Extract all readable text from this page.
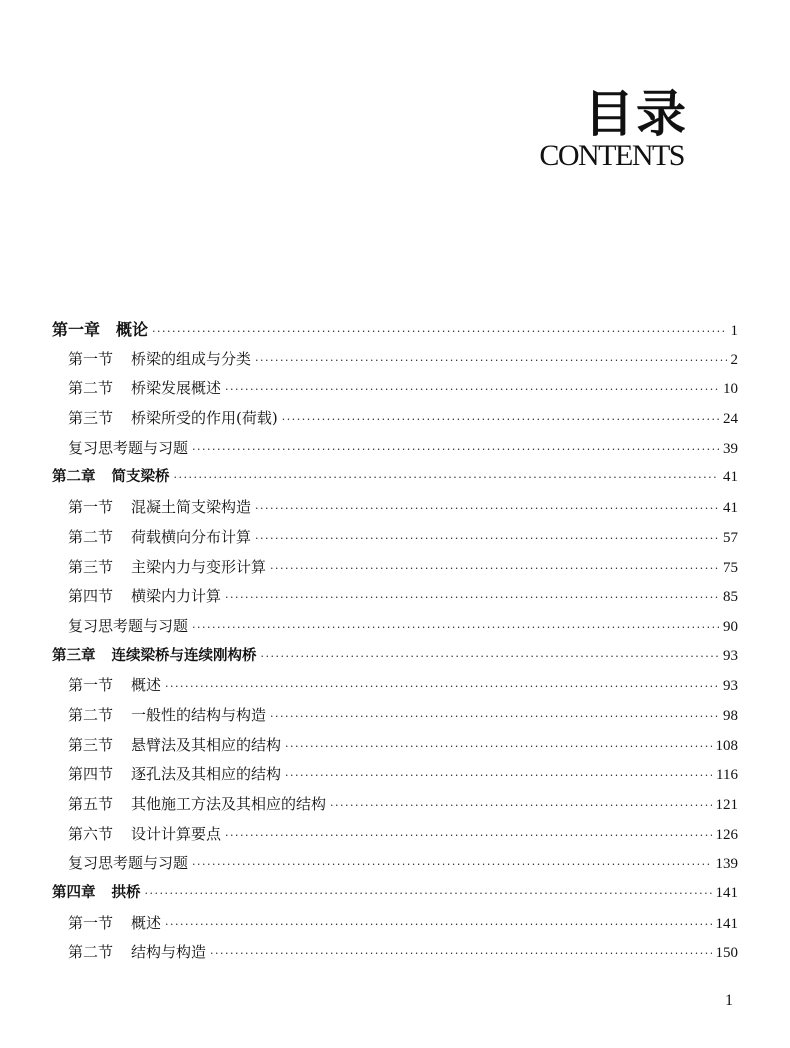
目录
CONTENTS
第一章 概论 ·····	1
第一节 桥梁的组成与分类 ·····	2
第二节 桥梁发展概述 ·····	10
第三节 桥梁所受的作用(荷载) ·····	24
复习思考题与习题 ·····	39
第二章 简支梁桥 ·····	41
第一节 混凝土简支梁构造 ·····	41
第二节 荷载横向分布计算 ·····	57
第三节 主梁内力与变形计算 ·····	75
第四节 横梁内力计算 ·····	85
复习思考题与习题 ·····	90
第三章 连续梁桥与连续刚构桥 ·····	93
第一节 概述 ·····	93
第二节 一般性的结构与构造 ·····	98
第三节 悬臂法及其相应的结构 ·····	108
第四节 逐孔法及其相应的结构 ·····	116
第五节 其他施工方法及其相应的结构 ·····	121
第六节 设计计算要点 ·····	126
复习思考题与习题 ·····	139
第四章 拱桥 ·····	141
第一节 概述 ·····	141
第二节 结构与构造 ·····	150
1
